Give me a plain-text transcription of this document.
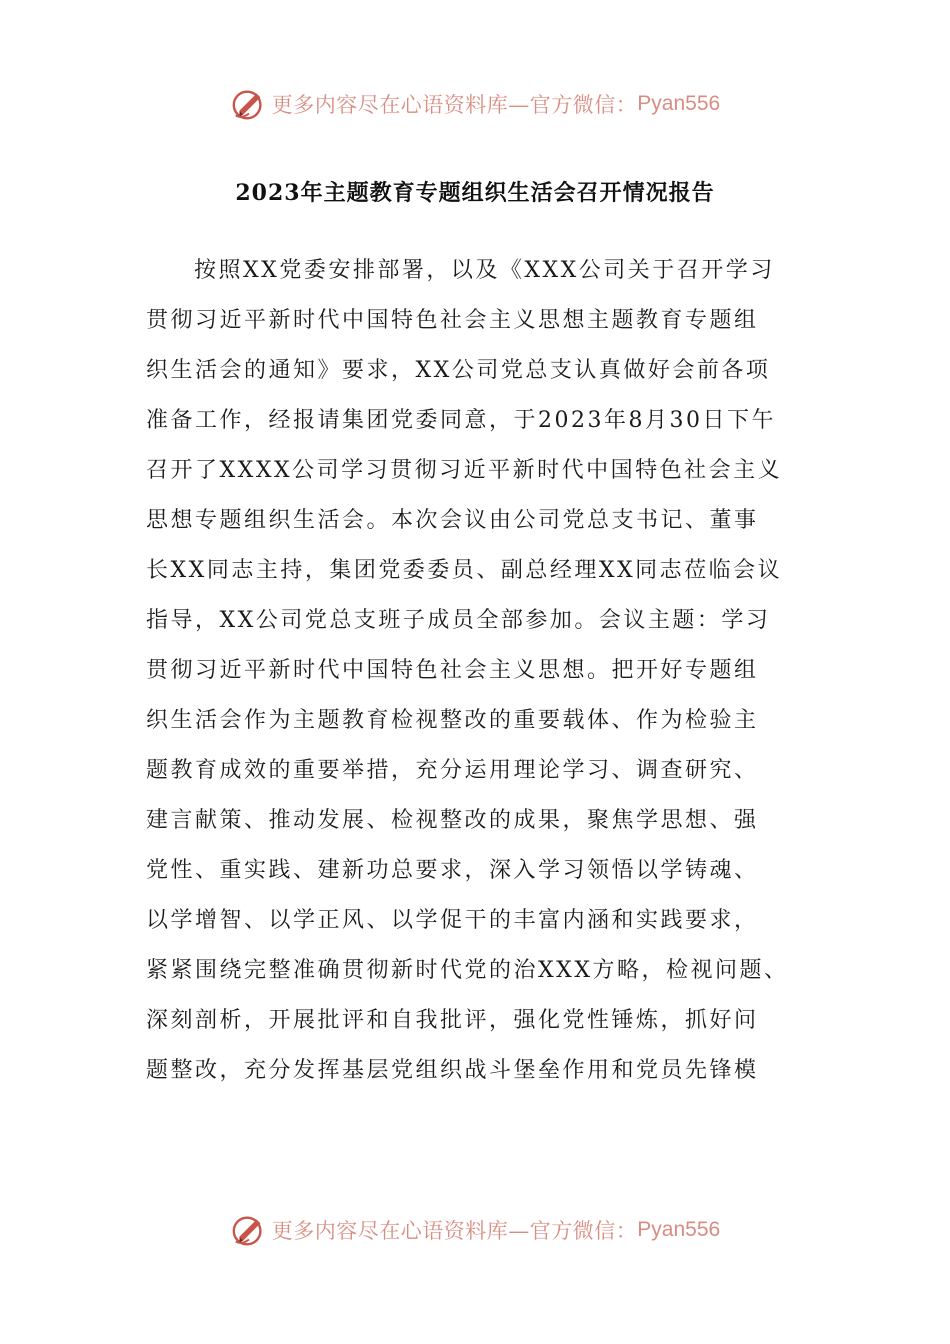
更多内容尽在心语资料库—官方微信： Pyan556
2023年主题教育专题组织生活会召开情况报告
按照XX党委安排部署，以及《XXX公司关于召开学习
贯彻习近平新时代中国特色社会主义思想主题教育专题组
织生活会的通知》要求，XX公司党总支认真做好会前各项
准备工作，经报请集团党委同意，于2023年8月30日下午
召开了XXXX公司学习贯彻习近平新时代中国特色社会主义
思想专题组织生活会。本次会议由公司党总支书记、董事
长XX同志主持，集团党委委员、副总经理XX同志莅临会议
指导，XX公司党总支班子成员全部参加。会议主题：学习
贯彻习近平新时代中国特色社会主义思想。把开好专题组
织生活会作为主题教育检视整改的重要载体、作为检验主
题教育成效的重要举措，充分运用理论学习、调查研究、
建言献策、推动发展、检视整改的成果，聚焦学思想、强
党性、重实践、建新功总要求，深入学习领悟以学铸魂、
以学增智、以学正风、以学促干的丰富内涵和实践要求，
紧紧围绕完整准确贯彻新时代党的治XXX方略，检视问题、
深刻剖析，开展批评和自我批评，强化党性锤炼，抓好问
题整改，充分发挥基层党组织战斗堡垒作用和党员先锋模
更多内容尽在心语资料库—官方微信： Pyan556
